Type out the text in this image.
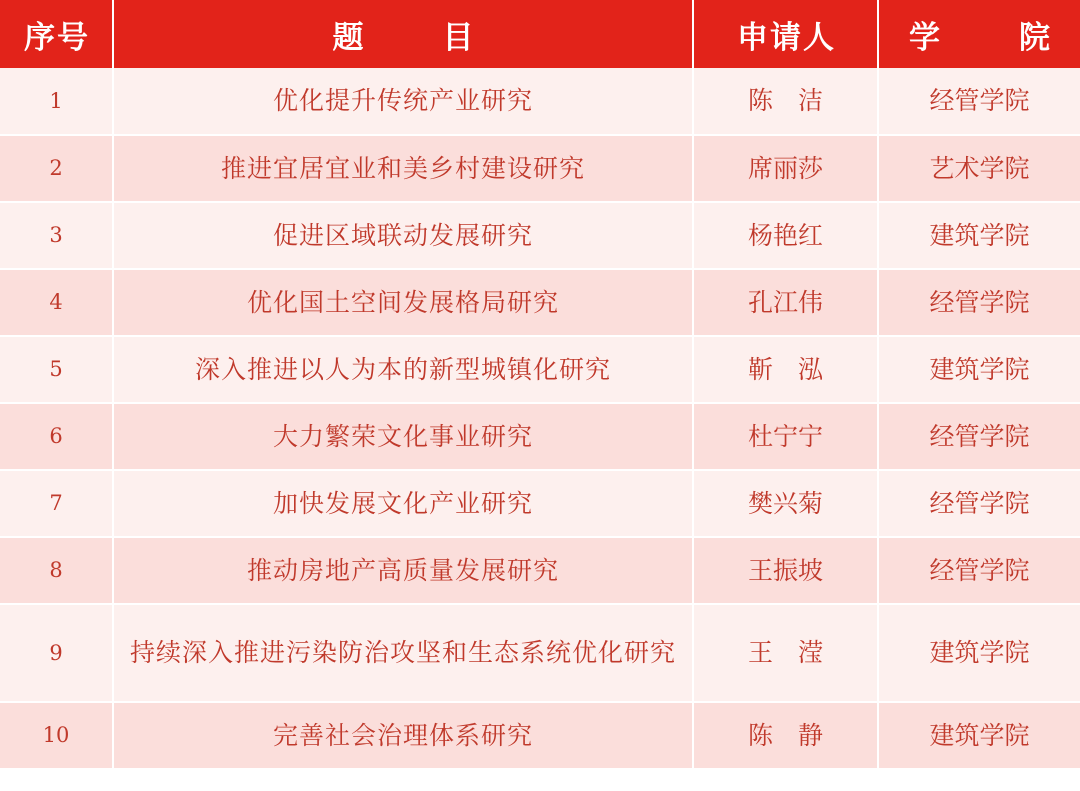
序号	题　目	申请人	学　院
1	优化提升传统产业研究	陈　洁	经管学院
2	推进宜居宜业和美乡村建设研究	席丽莎	艺术学院
3	促进区域联动发展研究	杨艳红	建筑学院
4	优化国土空间发展格局研究	孔江伟	经管学院
5	深入推进以人为本的新型城镇化研究	靳　泓	建筑学院
6	大力繁荣文化事业研究	杜宁宁	经管学院
7	加快发展文化产业研究	樊兴菊	经管学院
8	推动房地产高质量发展研究	王振坡	经管学院
9	持续深入推进污染防治攻坚和生态系统优化研究	王　滢	建筑学院
10	完善社会治理体系研究	陈　静	建筑学院
